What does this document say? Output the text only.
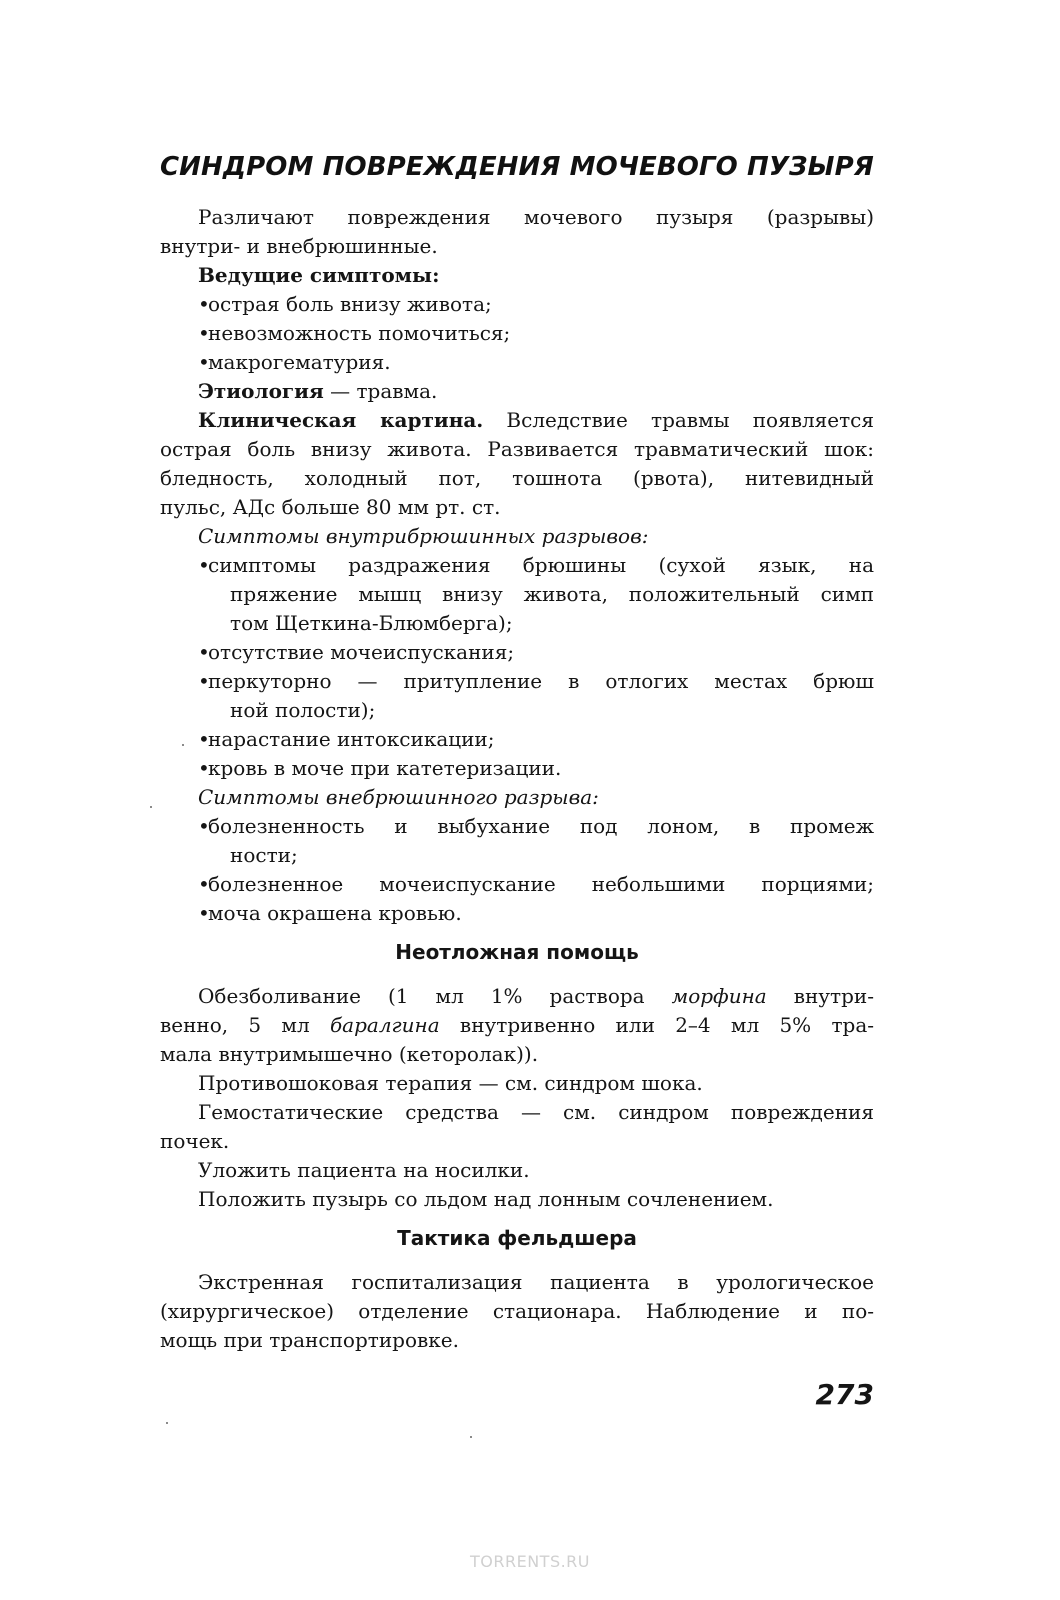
СИНДРОМ ПОВРЕЖДЕНИЯ МОЧЕВОГО ПУЗЫРЯ
Различают повреждения мочевого пузыря (разрывы)
внутри- и внебрюшинные.
Ведущие симптомы:
• острая боль внизу живота;
• невозможность помочиться;
• макрогематурия.
Этиология — травма.
Клиническая картина. Вследствие травмы появляется
острая боль внизу живота. Развивается травматический шок:
бледность, холодный пот, тошнота (рвота), нитевидный
пульс, АДс больше 80 мм рт. ст.
Симптомы внутрибрюшинных разрывов:
• симптомы раздражения брюшины (сухой язык, на
пряжение мышц внизу живота, положительный симп
том Щеткина-Блюмберга);
• отсутствие мочеиспускания;
• перкуторно — притупление в отлогих местах брюш
ной полости);
• нарастание интоксикации;
• кровь в моче при катетеризации.
Симптомы внебрюшинного разрыва:
• болезненность и выбухание под лоном, в промеж
ности;
• болезненное мочеиспускание небольшими порциями;
• моча окрашена кровью.
Неотложная помощь
Обезболивание (1 мл 1% раствора морфина внутри-
венно, 5 мл баралгина внутривенно или 2–4 мл 5% тра-
мала внутримышечно (кеторолак)).
Противошоковая терапия — см. синдром шока.
Гемостатические средства — см. синдром повреждения
почек.
Уложить пациента на носилки.
Положить пузырь со льдом над лонным сочленением.
Тактика фельдшера
Экстренная госпитализация пациента в урологическое
(хирургическое) отделение стационара. Наблюдение и по-
мощь при транспортировке.
273
TORRENTS.RU
